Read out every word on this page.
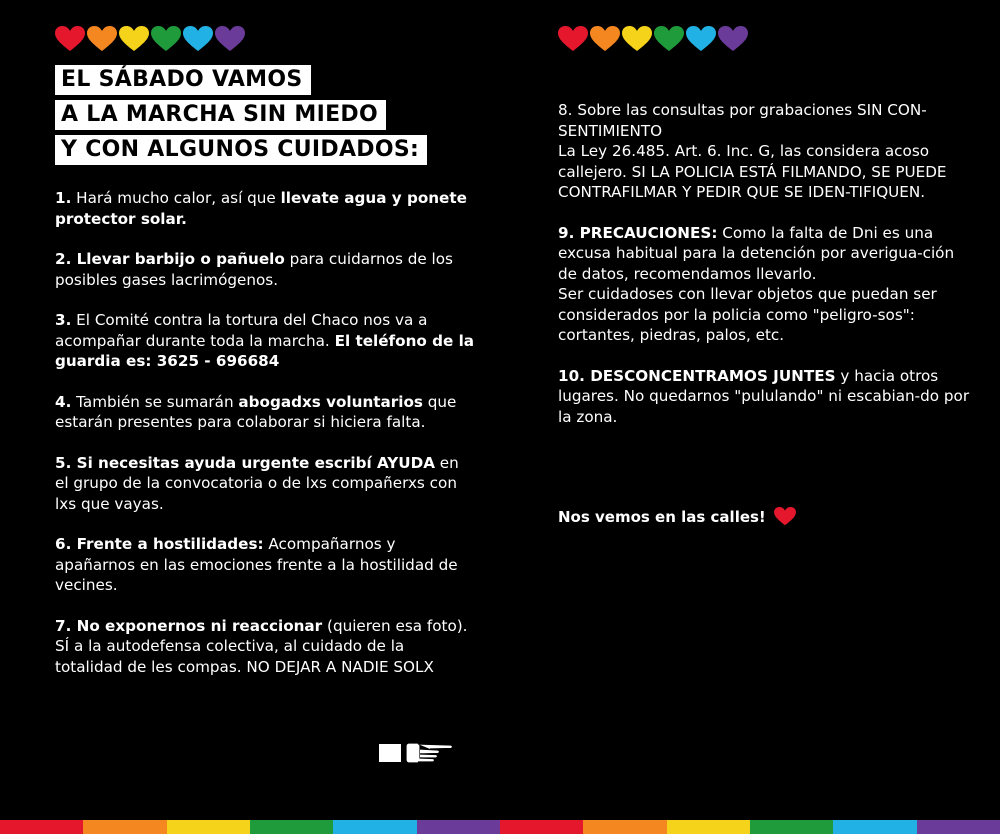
EL SÁBADO VAMOS
A LA MARCHA SIN MIEDO
Y CON ALGUNOS CUIDADOS:

1. Hará mucho calor, así que llevate agua y ponete protector solar.

2. Llevar barbijo o pañuelo para cuidarnos de los posibles gases lacrimógenos.

3. El Comité contra la tortura del Chaco nos va a acompañar durante toda la marcha. El teléfono de la guardia es: 3625 - 696684

4. También se sumarán abogadxs voluntarios que estarán presentes para colaborar si hiciera falta.

5. Si necesitas ayuda urgente escribí AYUDA en el grupo de la convocatoria o de lxs compañerxs con lxs que vayas.

6. Frente a hostilidades: Acompañarnos y apañarnos en las emociones frente a la hostilidad de vecines.

7. No exponernos ni reaccionar (quieren esa foto). SÍ a la autodefensa colectiva, al cuidado de la totalidad de les compas. NO DEJAR A NADIE SOLX

8. Sobre las consultas por grabaciones SIN CON-SENTIMIENTO
La Ley 26.485. Art. 6. Inc. G, las considera acoso callejero. SI LA POLICIA ESTÁ FILMANDO, SE PUEDE CONTRAFILMAR Y PEDIR QUE SE IDEN-TIFIQUEN.

9. PRECAUCIONES: Como la falta de Dni es una excusa habitual para la detención por averigua-ción de datos, recomendamos llevarlo.
Ser cuidadoses con llevar objetos que puedan ser considerados por la policia como "peligro-sos": cortantes, piedras, palos, etc.

10. DESCONCENTRAMOS JUNTES y hacia otros lugares. No quedarnos "pululando" ni escabian-do por la zona.

Nos vemos en las calles!
